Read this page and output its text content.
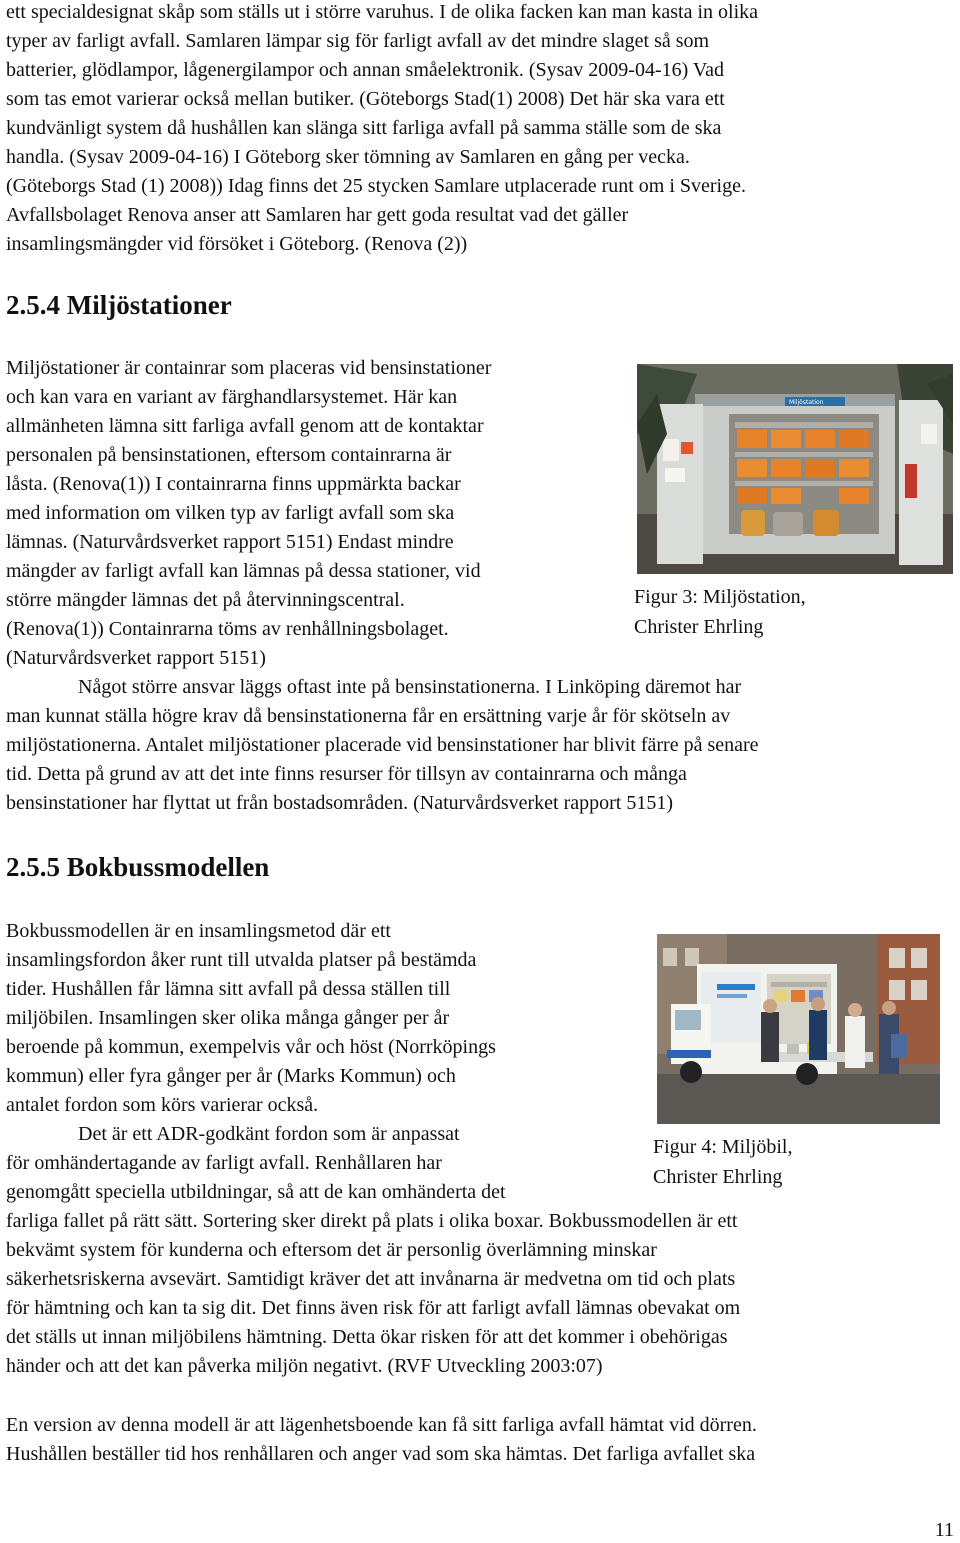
ett specialdesignat skåp som ställs ut i större varuhus. I de olika facken kan man kasta in olika
typer av farligt avfall. Samlaren lämpar sig för farligt avfall av det mindre slaget så som
batterier, glödlampor, lågenergilampor och annan småelektronik. (Sysav 2009-04-16) Vad
som tas emot varierar också mellan butiker. (Göteborgs Stad(1) 2008) Det här ska vara ett
kundvänligt system då hushållen kan slänga sitt farliga avfall på samma ställe som de ska
handla. (Sysav 2009-04-16) I Göteborg sker tömning av Samlaren en gång per vecka.
(Göteborgs Stad (1) 2008)) Idag finns det 25 stycken Samlare utplacerade runt om i Sverige.
Avfallsbolaget Renova anser att Samlaren har gett goda resultat vad det gäller
insamlingsmängder vid försöket i Göteborg. (Renova (2))
2.5.4 Miljöstationer
Miljöstationer är containrar som placeras vid bensinstationer
och kan vara en variant av färghandlarsystemet. Här kan
allmänheten lämna sitt farliga avfall genom att de kontaktar
personalen på bensinstationen, eftersom containrarna är
låsta. (Renova(1)) I containrarna finns uppmärkta backar
med information om vilken typ av farligt avfall som ska
lämnas. (Naturvårdsverket rapport 5151) Endast mindre
mängder av farligt avfall kan lämnas på dessa stationer, vid
större mängder lämnas det på återvinningscentral.
(Renova(1)) Containrarna töms av renhållningsbolaget.
(Naturvårdsverket rapport 5151)
Något större ansvar läggs oftast inte på bensinstationerna. I Linköping däremot har
man kunnat ställa högre krav då bensinstationerna får en ersättning varje år för skötseln av
miljöstationerna. Antalet miljöstationer placerade vid bensinstationer har blivit färre på senare
tid. Detta på grund av att det inte finns resurser för tillsyn av containrarna och många
bensinstationer har flyttat ut från bostadsområden. (Naturvårdsverket rapport 5151)
Miljöstation
Figur 3: Miljöstation,
Christer Ehrling
2.5.5 Bokbussmodellen
Bokbussmodellen är en insamlingsmetod där ett
insamlingsfordon åker runt till utvalda platser på bestämda
tider. Hushållen får lämna sitt avfall på dessa ställen till
miljöbilen. Insamlingen sker olika många gånger per år
beroende på kommun, exempelvis vår och höst (Norrköpings
kommun) eller fyra gånger per år (Marks Kommun) och
antalet fordon som körs varierar också.
Det är ett ADR-godkänt fordon som är anpassat
för omhändertagande av farligt avfall. Renhållaren har
genomgått speciella utbildningar, så att de kan omhänderta det
farliga fallet på rätt sätt. Sortering sker direkt på plats i olika boxar. Bokbussmodellen är ett
bekvämt system för kunderna och eftersom det är personlig överlämning minskar
säkerhetsriskerna avsevärt. Samtidigt kräver det att invånarna är medvetna om tid och plats
för hämtning och kan ta sig dit. Det finns även risk för att farligt avfall lämnas obevakat om
det ställs ut innan miljöbilens hämtning. Detta ökar risken för att det kommer i obehörigas
händer och att det kan påverka miljön negativt. (RVF Utveckling 2003:07)
Figur 4: Miljöbil,
Christer Ehrling
En version av denna modell är att lägenhetsboende kan få sitt farliga avfall hämtat vid dörren.
Hushållen beställer tid hos renhållaren och anger vad som ska hämtas. Det farliga avfallet ska
11
